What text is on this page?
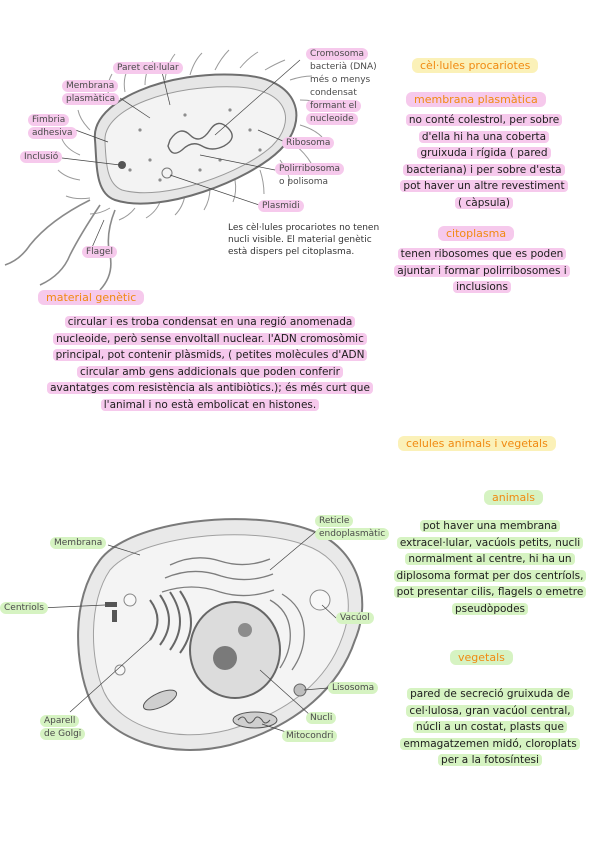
Paret cel·lular
Membrana
plasmàtica
Fimbria
adhesiva
Inclusió
Flagel
Cromosoma
bacterià (DNA)
més o menys
condensat
formant el
nucleoide
Ribosoma
Polirribosoma
o polisoma
Plasmidi
Les cèl·lules procariotes no tenen
nucli visible. El material genètic
està dispers pel citoplasma.
cèl·lules procariotes
membrana plasmàtica
no conté colestrol, per sobre
d'ella hi ha una coberta
gruixuda i rígida ( pared
bacteriana) i per sobre d'esta
pot haver un altre revestiment
( càpsula)
citoplasma
tenen ribosomes que es poden
ajuntar i formar polirribosomes i
inclusions
material genètic
circular i es troba condensat en una regió anomenada
nucleoide, però sense envoltall nuclear. l'ADN cromosòmic
principal, pot contenir plàsmids, ( petites molècules d'ADN
circular amb gens addicionals que poden conferir
avantatges com resistència als antibiòtics.); és més curt que
l'animal i no està embolicat en histones.
celules animals i vegetals
animals
pot haver una membrana
extracel·lular, vacúols petits, nucli
normalment al centre, hi ha un
diplosoma format per dos centríols,
pot presentar cilis, flagels o emetre
pseudòpodes
vegetals
pared de secreció gruixuda de
cel·lulosa, gran vacúol central,
núcli a un costat, plasts que
emmagatzemen midó, cloroplats
per a la fotosíntesi
Membrana
Reticle
endoplasmàtic
Centriols
Vacúol
Lisosoma
Aparell
de Golgi
Nucli
Mitocondri
